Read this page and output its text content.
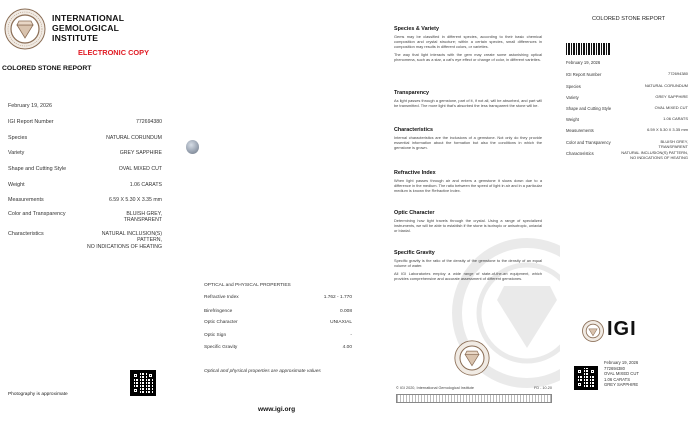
INTERNATIONAL
GEMOLOGICAL
INSTITUTE
ELECTRONIC COPY
COLORED STONE REPORT
February 19, 2026
IGI Report Number	772694380
Species	NATURAL CORUNDUM
Variety	GREY SAPPHIRE
Shape and Cutting Style	OVAL MIXED CUT
Weight	1.06 CARATS
Measurements	6.59 X 5.30 X 3.35 mm
Color and Transparency	BLUISH GREY,
TRANSPARENT
Characteristics	NATURAL INCLUSION(S)
PATTERN,
NO INDICATIONS OF HEATING
Photography is approximate
OPTICAL and PHYSICAL PROPERTIES
Refractive Index	1.762 - 1.770
Birefringence	0.008
Optic Character	UNIAXIAL
Optic Sign	-
Specific Gravity	4.00
Optical and physical properties are approximate values
www.igi.org
Species & Variety
Gems may be classified in different species, according to their basic chemical composition and crystal structure; within a certain species, small differences in composition may results in different colors, or varieties.
The way that light interacts with the gem may create some astonishing optical phenomena, such as a star, a cat’s eye effect or change of color, in different varieties.
Transparency
As light passes through a gemstone, part of it, if not all, will be absorbed, and part will be transmitted. The more light that’s absorbed the less transparent the stone will be.
Characteristics
Internal characteristics are the inclusions of a gemstone. Not only do they provide essential information about the formation but also the conditions in which the gemstone is grown.
Refractive Index
When light passes through air and enters a gemstone it slows down due to a difference in the medium. The ratio between the speed of light in air and in a particular medium is known the Refractive Index.
Optic Character
Determining how light travels through the crystal. Using a range of specialized instruments, we will be able to establish if the stone is isotropic or anisotropic, uniaxial or biaxial.
Specific Gravity
Specific gravity is the ratio of the density of the gemstone to the density of an equal volume of water.
All IGI Laboratories employ a wide range of state-of-the-art equipment, which provides comprehensive and accurate assessment of different gemstones.
© IGI 2020, International Gemological Institute	FD - 10.20
COLORED STONE REPORT
February 19, 2026
IGI Report Number	772694380
Species	NATURAL CORUNDUM
Variety	GREY SAPPHIRE
Shape and Cutting Style	OVAL MIXED CUT
Weight	1.06 CARATS
Measurements	6.59 X 5.30 X 3.35 mm
Color and Transparency	BLUISH GREY,
TRANSPARENT
Characteristics	NATURAL INCLUSION(S) PATTERN,
NO INDICATIONS OF HEATING
IGI
February 19, 2026
772694380
OVAL MIXED CUT
1.06 CARATS
GREY SAPPHIRE
